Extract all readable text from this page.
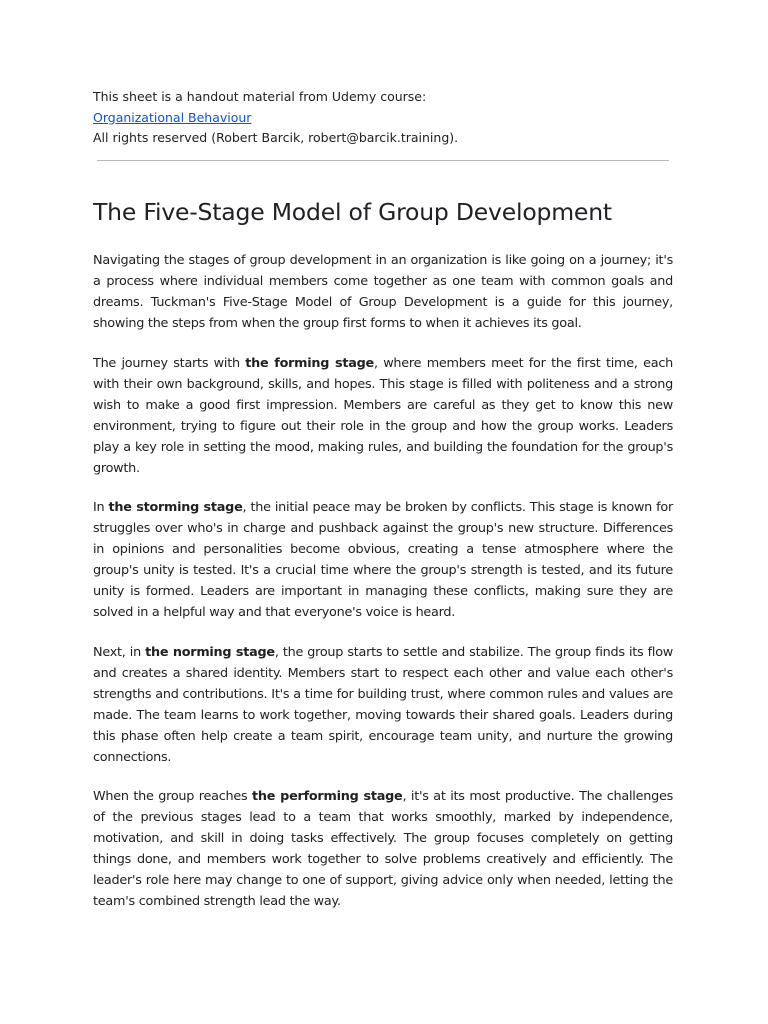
This sheet is a handout material from Udemy course:

Organizational Behaviour

All rights reserved (Robert Barcik, robert@barcik.training).

The Five-Stage Model of Group Development

Navigating the stages of group development in an organization is like going on a journey; it's a process where individual members come together as one team with common goals and dreams. Tuckman's Five-Stage Model of Group Development is a guide for this journey, showing the steps from when the group first forms to when it achieves its goal.

The journey starts with the forming stage, where members meet for the first time, each with their own background, skills, and hopes. This stage is filled with politeness and a strong wish to make a good first impression. Members are careful as they get to know this new environment, trying to figure out their role in the group and how the group works. Leaders play a key role in setting the mood, making rules, and building the foundation for the group's growth.

In the storming stage, the initial peace may be broken by conflicts. This stage is known for struggles over who's in charge and pushback against the group's new structure. Differences in opinions and personalities become obvious, creating a tense atmosphere where the group's unity is tested. It's a crucial time where the group's strength is tested, and its future unity is formed. Leaders are important in managing these conflicts, making sure they are solved in a helpful way and that everyone's voice is heard.

Next, in the norming stage, the group starts to settle and stabilize. The group finds its flow and creates a shared identity. Members start to respect each other and value each other's strengths and contributions. It's a time for building trust, where common rules and values are made. The team learns to work together, moving towards their shared goals. Leaders during this phase often help create a team spirit, encourage team unity, and nurture the growing connections.

When the group reaches the performing stage, it's at its most productive. The challenges of the previous stages lead to a team that works smoothly, marked by independence, motivation, and skill in doing tasks effectively. The group focuses completely on getting things done, and members work together to solve problems creatively and efficiently. The leader's role here may change to one of support, giving advice only when needed, letting the team's combined strength lead the way.
